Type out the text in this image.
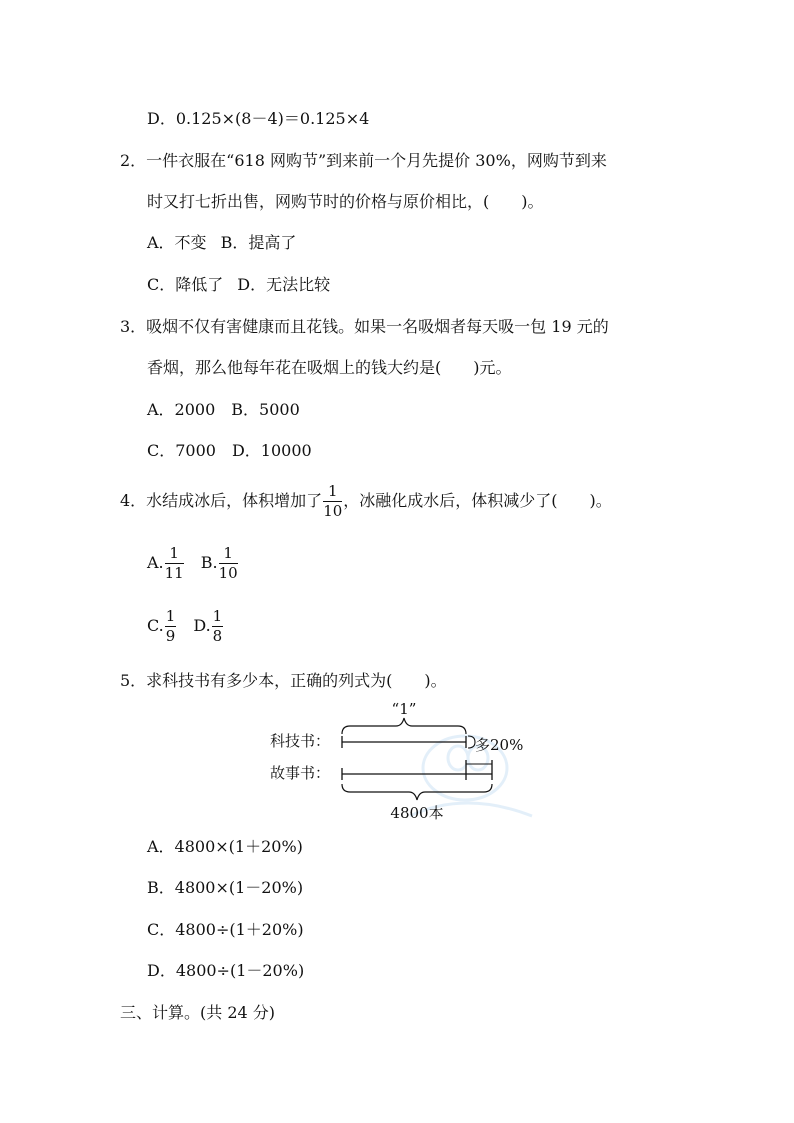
D．0.125×(8－4)＝0.125×4
2．一件衣服在“618 网购节”到来前一个月先提价 30%，网购节到来
时又打七折出售，网购节时的价格与原价相比，(　　)。
A．不变 B．提高了
C．降低了 D．无法比较
3．吸烟不仅有害健康而且花钱。如果一名吸烟者每天吸一包 19 元的
香烟，那么他每年花在吸烟上的钱大约是(　　)元。
A．2000 B．5000
C．7000 D．10000
4．水结成冰后，体积增加了 $\frac{1}{10}$ ，冰融化成水后，体积减少了(　　)。
A. $\frac{1}{11} B$. $\frac{1}{10}$
C. $\frac{1}{9} D$. $\frac{1}{8}$
5．求科技书有多少本，正确的列式为(　　)。
“1”
科技书：	多20%
故事书：
4800本
A．4800×(1＋20%)
B．4800×(1－20%)
C．4800÷(1＋20%)
D．4800÷(1－20%)
三、计算。(共 24 分)
